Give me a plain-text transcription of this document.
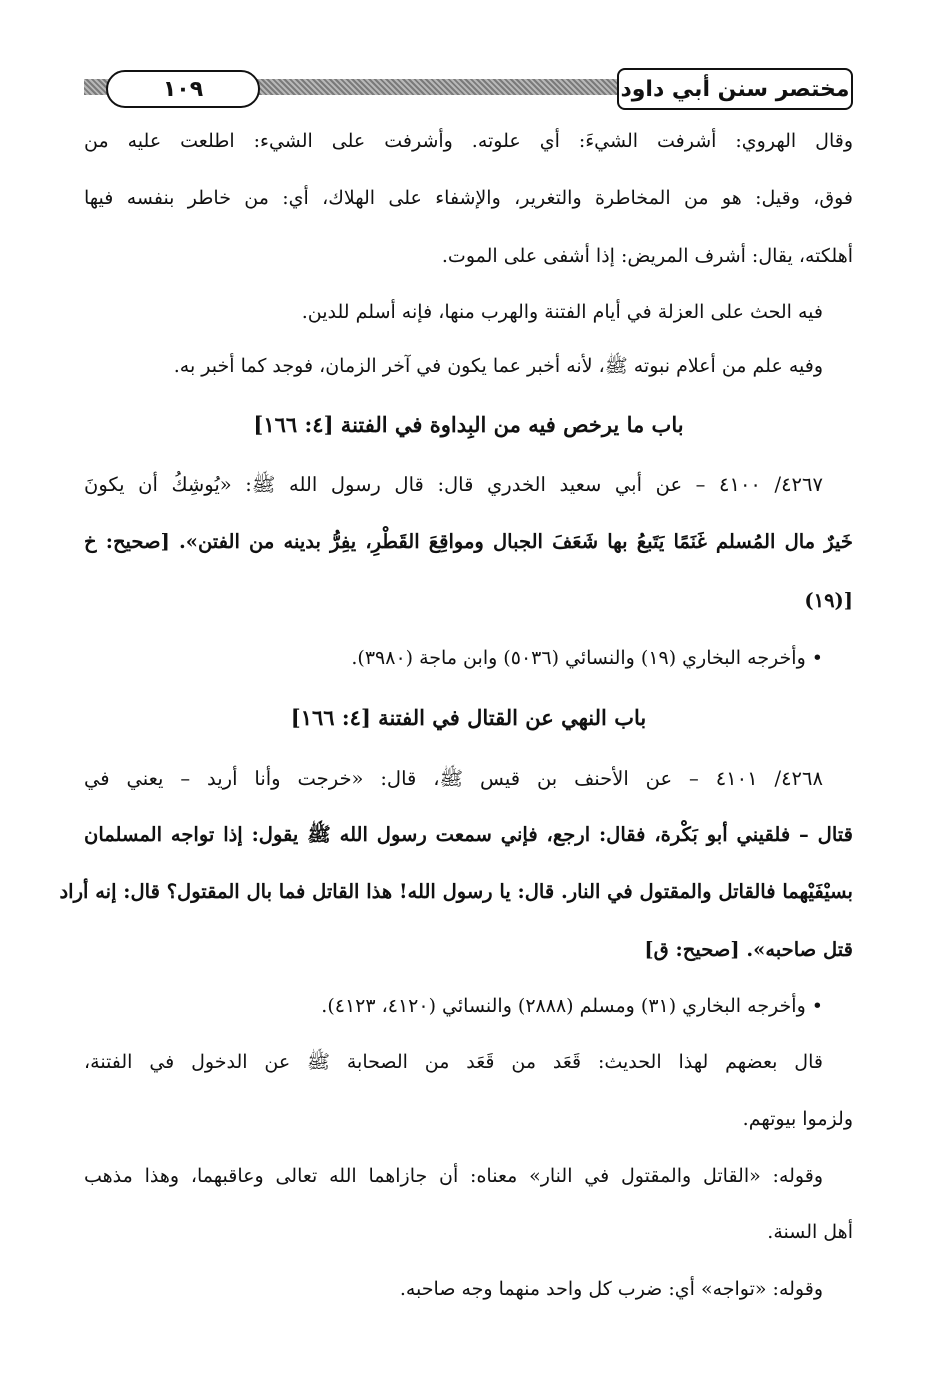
١٠٩	مختصر سنن أبي داود
وقال الهروي: أشرفت الشيءَ: أي علوته. وأشرفت على الشيء: اطلعت عليه من
فوق، وقيل: هو من المخاطرة والتغرير، والإشفاء على الهلاك، أي: من خاطر بنفسه فيها
أهلكته، يقال: أشرف المريض: إذا أشفى على الموت.
فيه الحث على العزلة في أيام الفتنة والهرب منها، فإنه أسلم للدين.
وفيه علم من أعلام نبوته ﷺ، لأنه أخبر عما يكون في آخر الزمان، فوجد كما أخبر به.
باب ما يرخص فيه من البِداوة في الفتنة [٤: ١٦٦]
٤٢٦٧/ ٤١٠٠ – عن أبي سعيد الخدري قال: قال رسول الله ﷺ: «يُوشِكُ أن يكونَ
خَيرٌ مال المُسلم غَنَمًا يَتَبعُ بها شَعَفَ الجبال ومواقِعَ القَطْرِ، يفِرُّ بدينه من الفتن». [صحيح: خ
[(١٩)
• وأخرجه البخاري (١٩) والنسائي (٥٠٣٦) وابن ماجة (٣٩٨٠).
باب النهي عن القتال في الفتنة [٤: ١٦٦]
٤٢٦٨/ ٤١٠١ – عن الأحنف بن قيس ﷺ، قال: «خرجت وأنا أريد – يعني في
قتال – فلقيني أبو بَكْرة، فقال: ارجع، فإني سمعت رسول الله ﷺ يقول: إذا تواجه المسلمان
بسيْفَيْهما فالقاتل والمقتول في النار. قال: يا رسول الله! هذا القاتل فما بال المقتول؟ قال: إنه أراد
قتل صاحبه». [صحيح: ق]
• وأخرجه البخاري (٣١) ومسلم (٢٨٨٨) والنسائي (٤١٢٠، ٤١٢٣).
قال بعضهم لهذا الحديث: قَعَد من قَعَد من الصحابة ﷺ عن الدخول في الفتنة،
ولزموا بيوتهم.
وقوله: «القاتل والمقتول في النار» معناه: أن جازاهما الله تعالى وعاقبهما، وهذا مذهب
أهل السنة.
وقوله: «تواجه» أي: ضرب كل واحد منهما وجه صاحبه.
